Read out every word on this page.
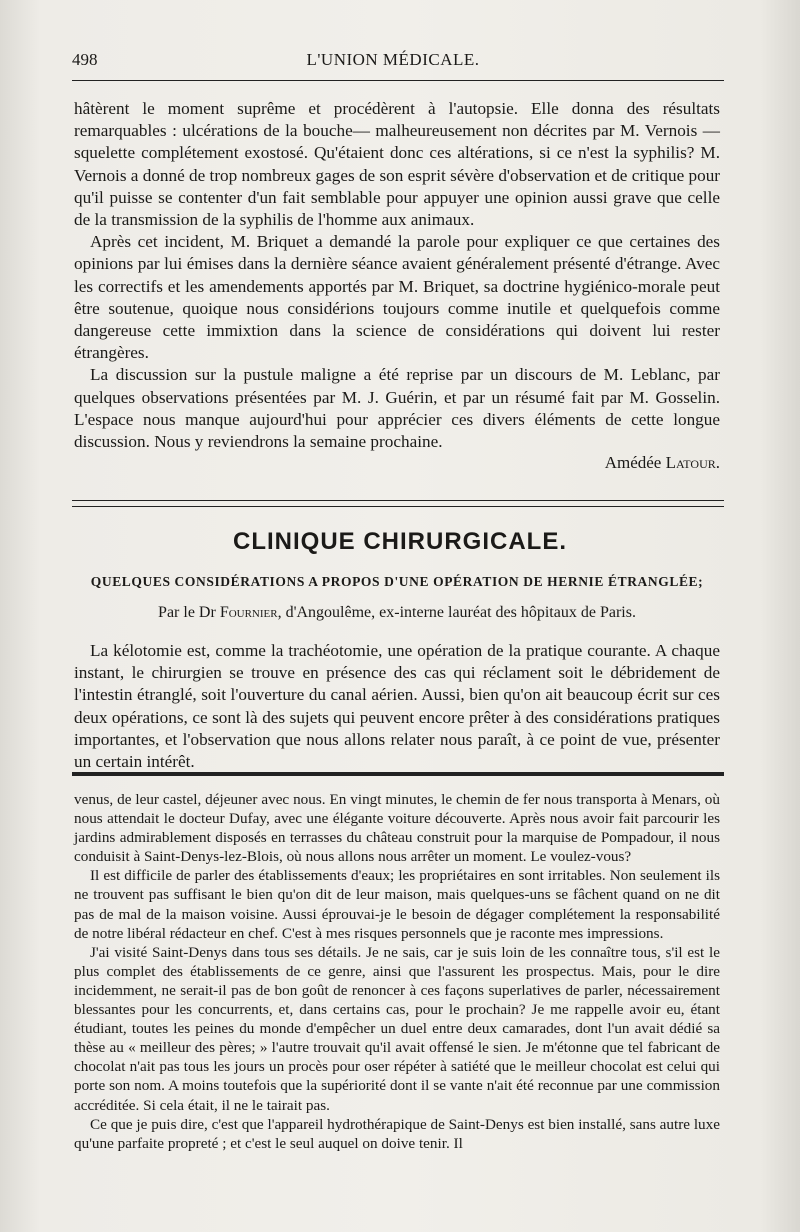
498	L'UNION MÉDICALE.

hâtèrent le moment suprême et procédèrent à l'autopsie. Elle donna des résultats remarquables : ulcérations de la bouche— malheureusement non décrites par M. Vernois —squelette complétement exostosé. Qu'étaient donc ces altérations, si ce n'est la syphilis? M. Vernois a donné de trop nombreux gages de son esprit sévère d'observation et de critique pour qu'il puisse se contenter d'un fait semblable pour appuyer une opinion aussi grave que celle de la transmission de la syphilis de l'homme aux animaux.

Après cet incident, M. Briquet a demandé la parole pour expliquer ce que certaines des opinions par lui émises dans la dernière séance avaient généralement présenté d'étrange. Avec les correctifs et les amendements apportés par M. Briquet, sa doctrine hygiénico-morale peut être soutenue, quoique nous considérions toujours comme inutile et quelquefois comme dangereuse cette immixtion dans la science de considérations qui doivent lui rester étrangères.

La discussion sur la pustule maligne a été reprise par un discours de M. Leblanc, par quelques observations présentées par M. J. Guérin, et par un résumé fait par M. Gosselin. L'espace nous manque aujourd'hui pour apprécier ces divers éléments de cette longue discussion. Nous y reviendrons la semaine prochaine.

Amédée Latour.

CLINIQUE CHIRURGICALE.
QUELQUES CONSIDÉRATIONS A PROPOS D'UNE OPÉRATION DE HERNIE ÉTRANGLÉE;
Par le Dr Fournier, d'Angoulême, ex-interne lauréat des hôpitaux de Paris.

La kélotomie est, comme la trachéotomie, une opération de la pratique courante. A chaque instant, le chirurgien se trouve en présence des cas qui réclament soit le débridement de l'intestin étranglé, soit l'ouverture du canal aérien. Aussi, bien qu'on ait beaucoup écrit sur ces deux opérations, ce sont là des sujets qui peuvent encore prêter à des considérations pratiques importantes, et l'observation que nous allons relater nous paraît, à ce point de vue, présenter un certain intérêt.

venus, de leur castel, déjeuner avec nous. En vingt minutes, le chemin de fer nous transporta à Menars, où nous attendait le docteur Dufay, avec une élégante voiture découverte. Après nous avoir fait parcourir les jardins admirablement disposés en terrasses du château construit pour la marquise de Pompadour, il nous conduisit à Saint-Denys-lez-Blois, où nous allons nous arrêter un moment. Le voulez-vous?

Il est difficile de parler des établissements d'eaux; les propriétaires en sont irritables. Non seulement ils ne trouvent pas suffisant le bien qu'on dit de leur maison, mais quelques-uns se fâchent quand on ne dit pas de mal de la maison voisine. Aussi éprouvai-je le besoin de dégager complétement la responsabilité de notre libéral rédacteur en chef. C'est à mes risques personnels que je raconte mes impressions.

J'ai visité Saint-Denys dans tous ses détails. Je ne sais, car je suis loin de les connaître tous, s'il est le plus complet des établissements de ce genre, ainsi que l'assurent les prospectus. Mais, pour le dire incidemment, ne serait-il pas de bon goût de renoncer à ces façons superlatives de parler, nécessairement blessantes pour les concurrents, et, dans certains cas, pour le prochain? Je me rappelle avoir eu, étant étudiant, toutes les peines du monde d'empêcher un duel entre deux camarades, dont l'un avait dédié sa thèse au « meilleur des pères; » l'autre trouvait qu'il avait offensé le sien. Je m'étonne que tel fabricant de chocolat n'ait pas tous les jours un procès pour oser répéter à satiété que le meilleur chocolat est celui qui porte son nom. A moins toutefois que la supériorité dont il se vante n'ait été reconnue par une commission accréditée. Si cela était, il ne le tairait pas.

Ce que je puis dire, c'est que l'appareil hydrothérapique de Saint-Denys est bien installé, sans autre luxe qu'une parfaite propreté ; et c'est le seul auquel on doive tenir. Il
